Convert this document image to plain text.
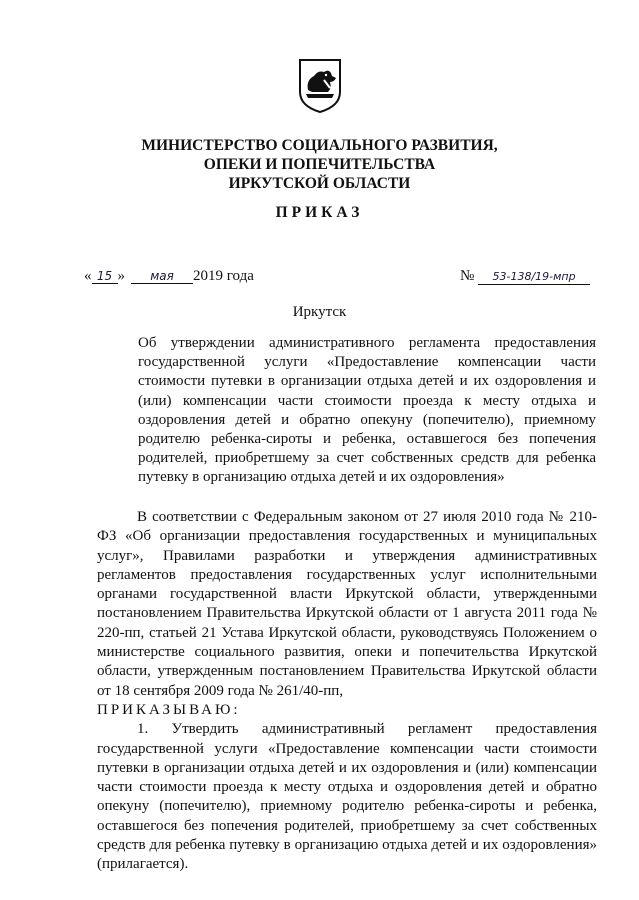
МИНИСТЕРСТВО СОЦИАЛЬНОГО РАЗВИТИЯ,
ОПЕКИ И ПОПЕЧИТЕЛЬСТВА
ИРКУТСКОЙ ОБЛАСТИ
ПРИКАЗ
« 15 » мая 2019 года	№ 53-138/19-мпр
Иркутск
Об утверждении административного регламента предоставления государственной услуги «Предоставление компенсации части стоимости путевки в организации отдыха детей и их оздоровления и (или) компенсации части стоимости проезда к месту отдыха и оздоровления детей и обратно опекуну (попечителю), приемному родителю ребенка-сироты и ребенка, оставшегося без попечения родителей, приобретшему за счет собственных средств для ребенка путевку в организацию отдыха детей и их оздоровления»

В соответствии с Федеральным законом от 27 июля 2010 года № 210-ФЗ «Об организации предоставления государственных и муниципальных услуг», Правилами разработки и утверждения административных регламентов предоставления государственных услуг исполнительными органами государственной власти Иркутской области, утвержденными постановлением Правительства Иркутской области от 1 августа 2011 года № 220-пп, статьей 21 Устава Иркутской области, руководствуясь Положением о министерстве социального развития, опеки и попечительства Иркутской области, утвержденным постановлением Правительства Иркутской области от 18 сентября 2009 года № 261/40-пп,

ПРИКАЗЫВАЮ:

1. Утвердить административный регламент предоставления государственной услуги «Предоставление компенсации части стоимости путевки в организации отдыха детей и их оздоровления и (или) компенсации части стоимости проезда к месту отдыха и оздоровления детей и обратно опекуну (попечителю), приемному родителю ребенка-сироты и ребенка, оставшегося без попечения родителей, приобретшему за счет собственных средств для ребенка путевку в организацию отдыха детей и их оздоровления» (прилагается).
